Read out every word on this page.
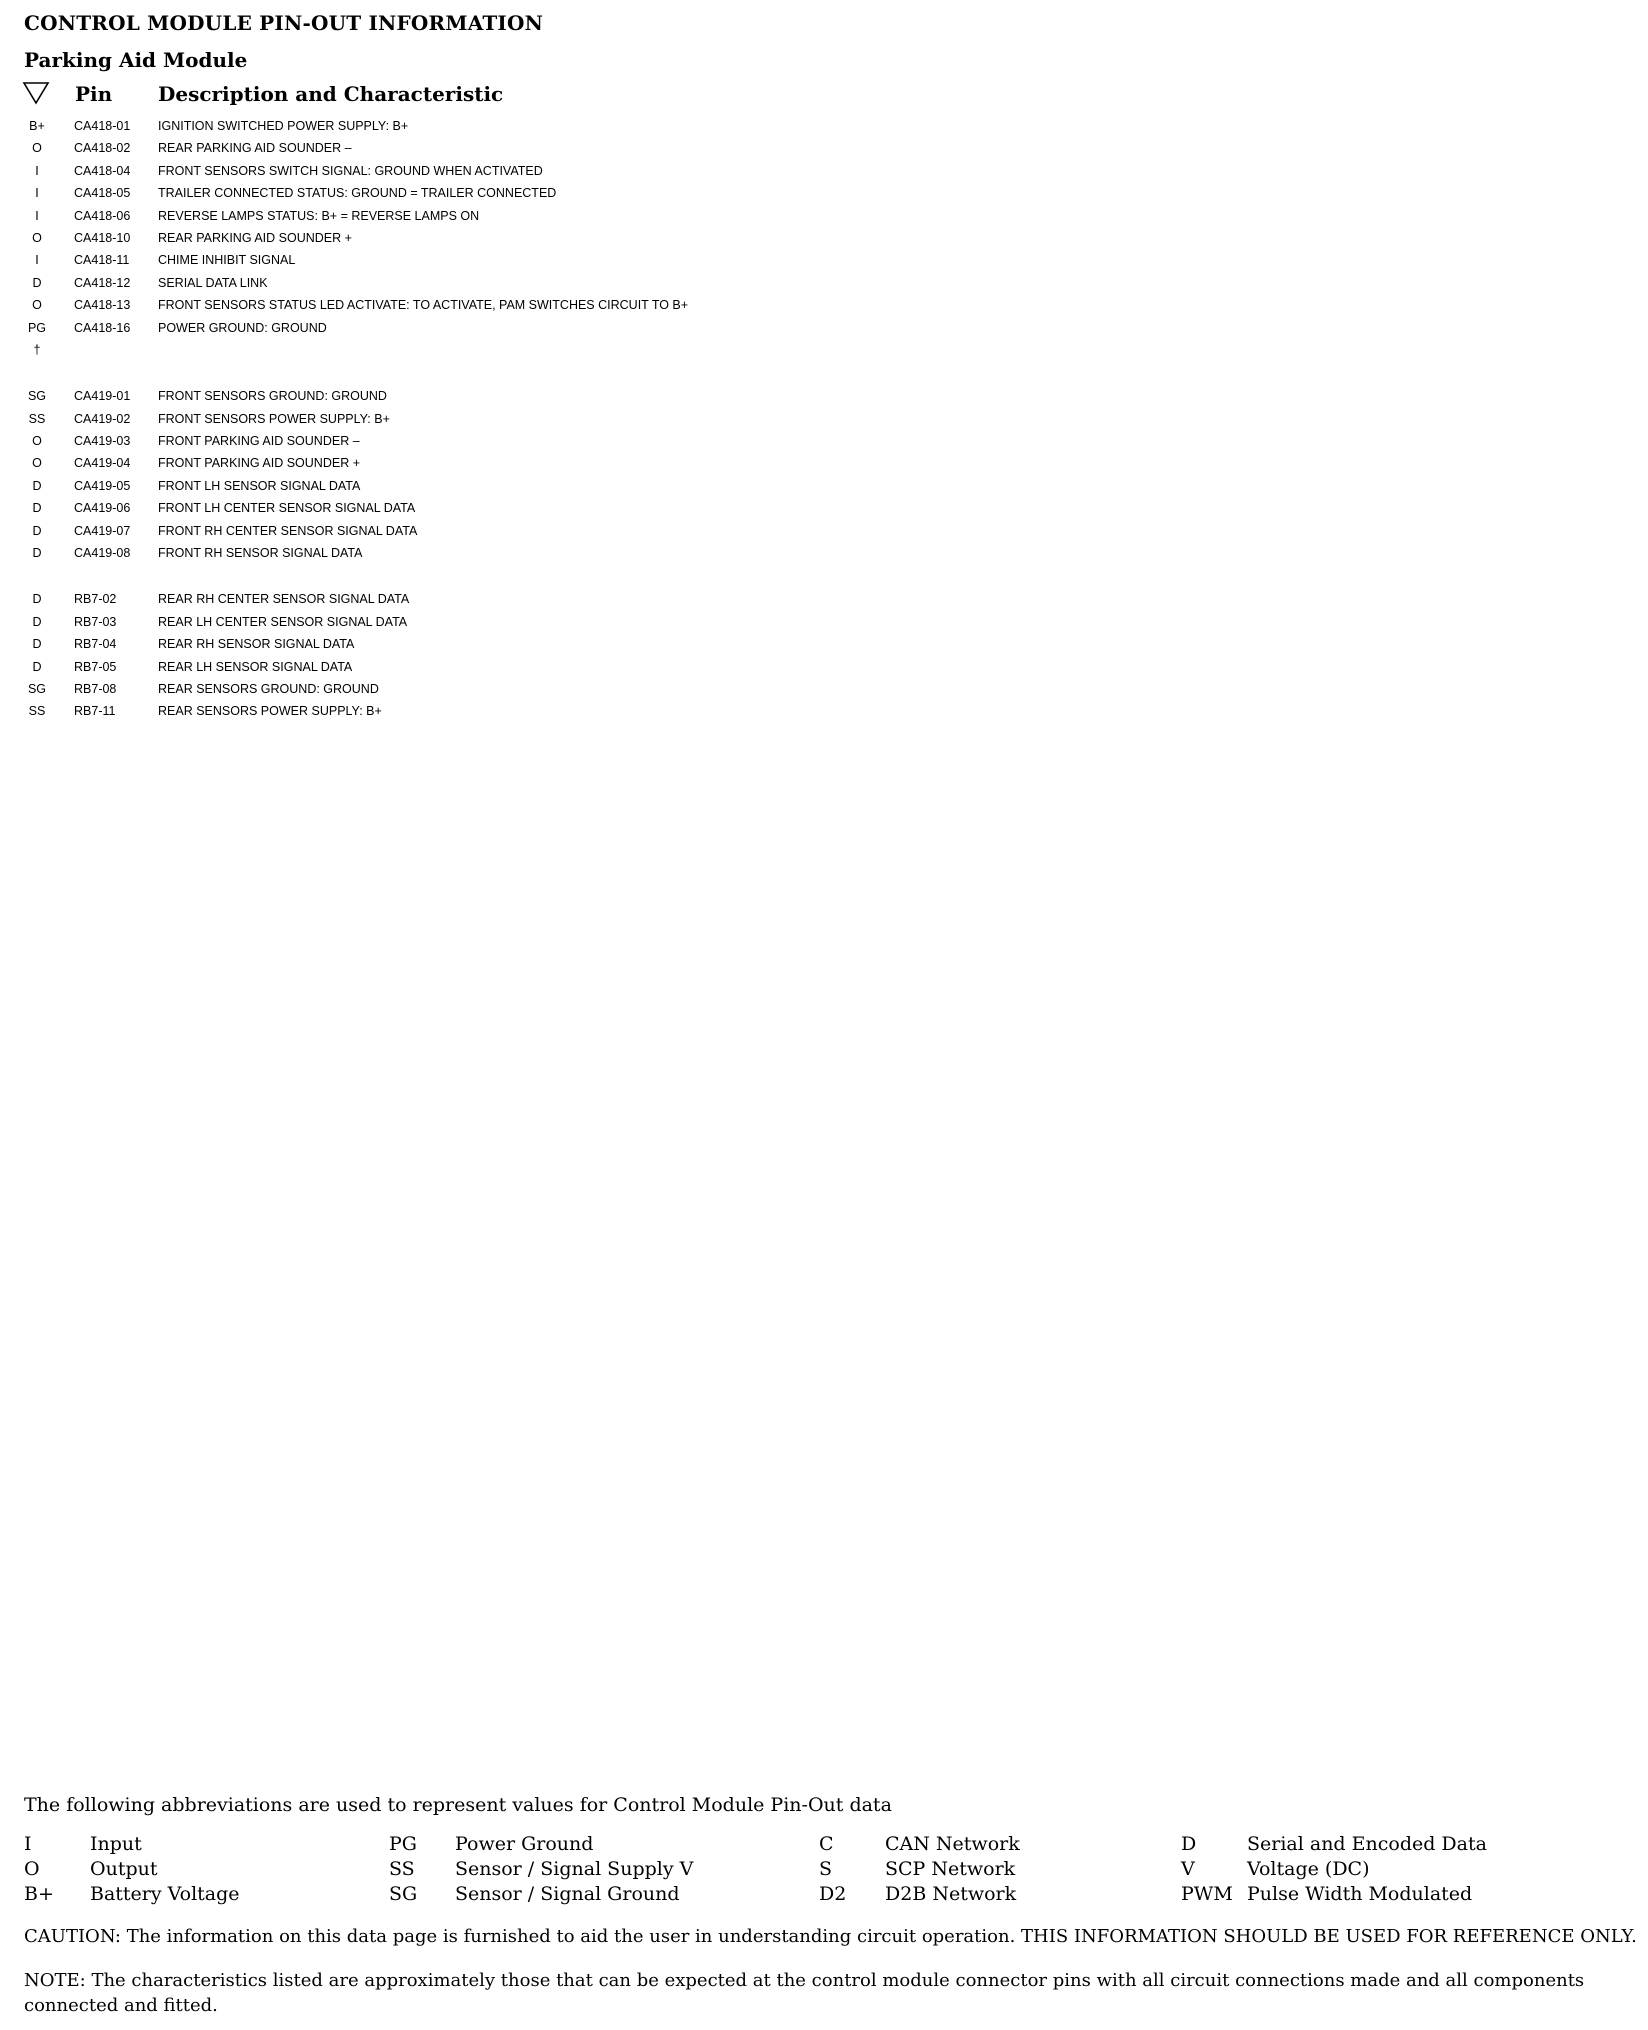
CONTROL MODULE PIN-OUT INFORMATION
Parking Aid Module
Pin Description and Characteristic
B+	CA418-01 IGNITION SWITCHED POWER SUPPLY: B+
O	CA418-02 REAR PARKING AID SOUNDER –
I	CA418-04 FRONT SENSORS SWITCH SIGNAL: GROUND WHEN ACTIVATED
I	CA418-05 TRAILER CONNECTED STATUS: GROUND = TRAILER CONNECTED
I	CA418-06 REVERSE LAMPS STATUS: B+ = REVERSE LAMPS ON
O	CA418-10 REAR PARKING AID SOUNDER +
I	CA418-11 CHIME INHIBIT SIGNAL
D	CA418-12 SERIAL DATA LINK
O	CA418-13 FRONT SENSORS STATUS LED ACTIVATE: TO ACTIVATE, PAM SWITCHES CIRCUIT TO B+
PG	CA418-16 POWER GROUND: GROUND
†
SG	CA419-01 FRONT SENSORS GROUND: GROUND
SS	CA419-02 FRONT SENSORS POWER SUPPLY: B+
O	CA419-03 FRONT PARKING AID SOUNDER –
O	CA419-04 FRONT PARKING AID SOUNDER +
D	CA419-05 FRONT LH SENSOR SIGNAL DATA
D	CA419-06 FRONT LH CENTER SENSOR SIGNAL DATA
D	CA419-07 FRONT RH CENTER SENSOR SIGNAL DATA
D	CA419-08 FRONT RH SENSOR SIGNAL DATA
D	RB7-02	REAR RH CENTER SENSOR SIGNAL DATA
D	RB7-03	REAR LH CENTER SENSOR SIGNAL DATA
D	RB7-04	REAR RH SENSOR SIGNAL DATA
D	RB7-05	REAR LH SENSOR SIGNAL DATA
SG	RB7-08	REAR SENSORS GROUND: GROUND
SS	RB7-11	REAR SENSORS POWER SUPPLY: B+
The following abbreviations are used to represent values for Control Module Pin-Out data
I	Input
O	Output
B+ Battery Voltage
PG Power Ground
SS Sensor / Signal Supply V
SG Sensor / Signal Ground
C	CAN Network
S	SCP Network
D2 D2B Network
D	Serial and Encoded Data
V	Voltage (DC)
PWM Pulse Width Modulated
CAUTION: The information on this data page is furnished to aid the user in understanding circuit operation. THIS INFORMATION SHOULD BE USED FOR REFERENCE ONLY.
NOTE: The characteristics listed are approximately those that can be expected at the control module connector pins with all circuit connections made and all components connected and fitted.
